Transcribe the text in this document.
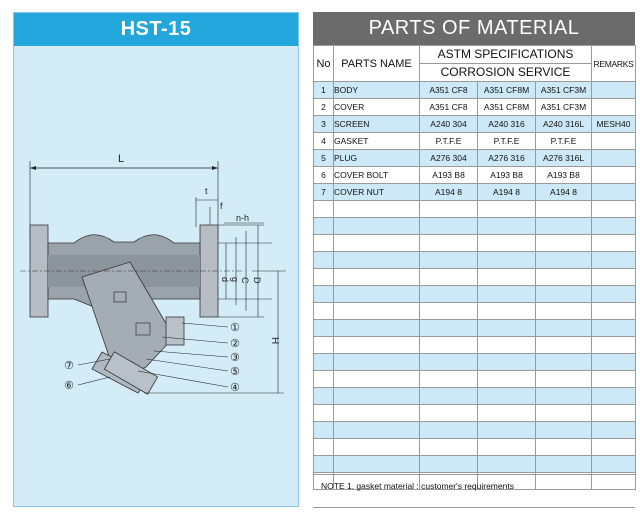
HST-15
L
t
f
n-h
d g C D
H
①
②
③
⑤
④
⑦
⑥
PARTS OF MATERIAL
No	PARTS NAME	ASTM SPECIFICATIONS			REMARKS
		CORROSION SERVICE			
1	BODY	A351 CF8	A351 CF8M	A351 CF3M	
2	COVER	A351 CF8	A351 CF8M	A351 CF3M	
3	SCREEN	A240 304	A240 316	A240 316L	MESH40
4	GASKET	P.T.F.E	P.T.F.E	P.T.F.E	
5	PLUG	A276 304	A276 316	A276 316L	
6	COVER BOLT	A193 B8	A193 B8	A193 B8	
7	COVER NUT	A194 8	A194 8	A194 8	

NOTE 1. gasket material : customer's requirements
